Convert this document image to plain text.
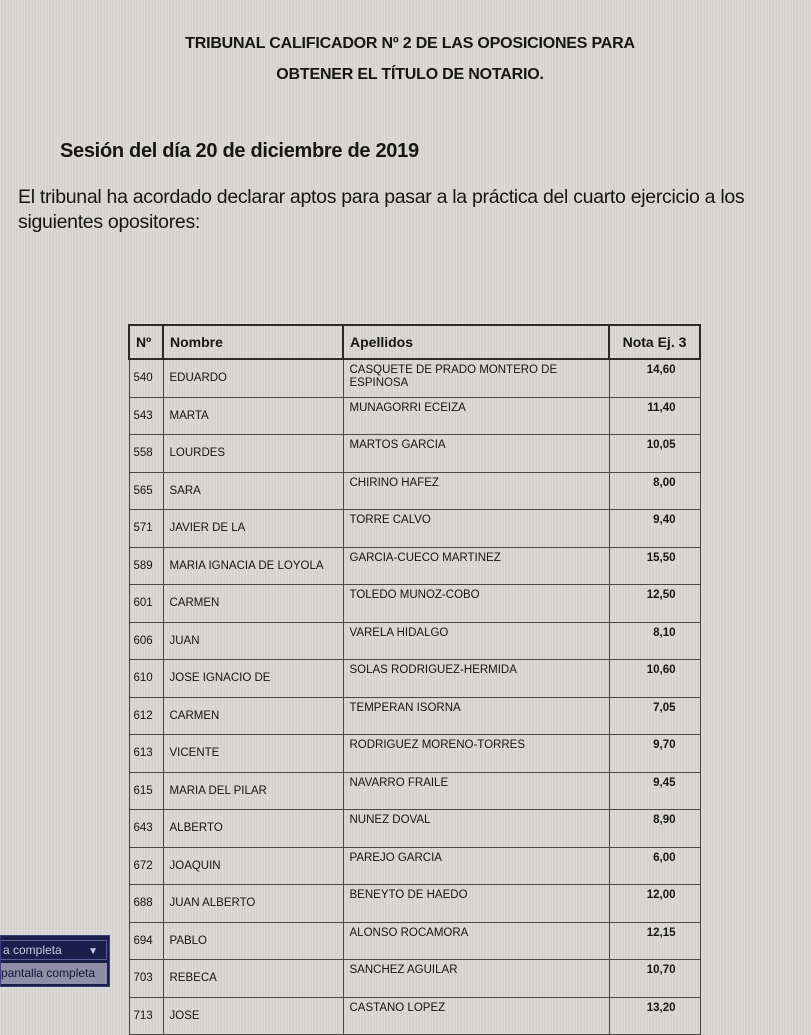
TRIBUNAL CALIFICADOR Nº 2 DE LAS OPOSICIONES PARA
OBTENER EL TÍTULO DE NOTARIO.
Sesión del día 20 de diciembre de 2019
El tribunal ha acordado declarar aptos para pasar a la práctica del cuarto ejercicio a los siguientes opositores:
Nº	Nombre	Apellidos	Nota Ej. 3
540	EDUARDO	CASQUETE DE PRADO MONTERO DE ESPINOSA	14,60
543	MARTA	MUNAGORRI ECEIZA	11,40
558	LOURDES	MARTOS GARCIA	10,05
565	SARA	CHIRINO HAFEZ	8,00
571	JAVIER DE LA	TORRE CALVO	9,40
589	MARIA IGNACIA DE LOYOLA	GARCIA-CUECO MARTINEZ	15,50
601	CARMEN	TOLEDO MUNOZ-COBO	12,50
606	JUAN	VARELA HIDALGO	8,10
610	JOSE IGNACIO DE	SOLAS RODRIGUEZ-HERMIDA	10,60
612	CARMEN	TEMPERAN ISORNA	7,05
613	VICENTE	RODRIGUEZ MORENO-TORRES	9,70
615	MARIA DEL PILAR	NAVARRO FRAILE	9,45
643	ALBERTO	NUNEZ DOVAL	8,90
672	JOAQUIN	PAREJO GARCIA	6,00
688	JUAN ALBERTO	BENEYTO DE HAEDO	12,00
694	PABLO	ALONSO ROCAMORA	12,15
703	REBECA	SANCHEZ AGUILAR	10,70
713	JOSE	CASTANO LOPEZ	13,20
a completa	▼
pantalla completa
